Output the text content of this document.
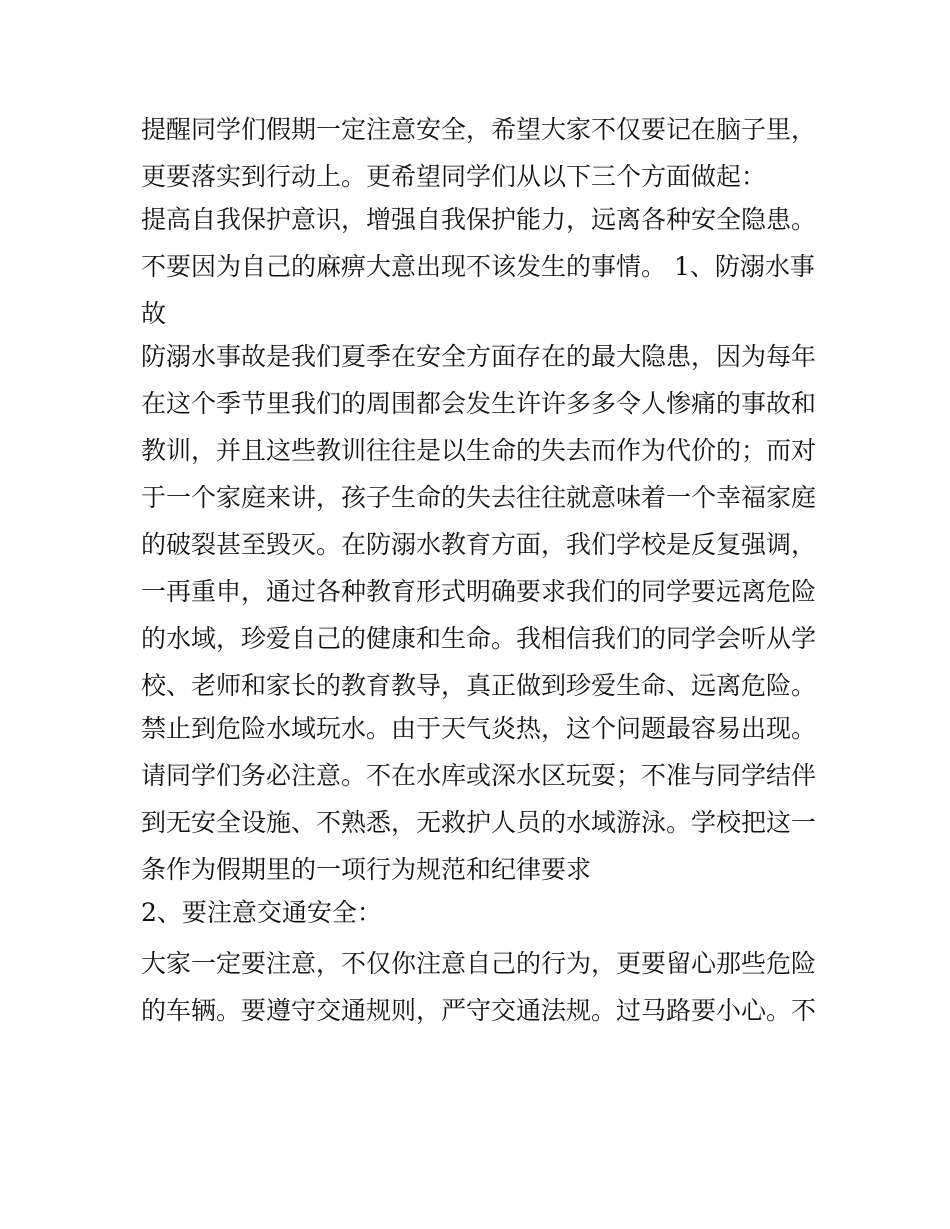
提醒同学们假期一定注意安全，希望大家不仅要记在脑子里，
更要落实到行动上。更希望同学们从以下三个方面做起：
提高自我保护意识，增强自我保护能力，远离各种安全隐患。
不要因为自己的麻痹大意出现不该发生的事情。 1、防溺水事
故
防溺水事故是我们夏季在安全方面存在的最大隐患，因为每年
在这个季节里我们的周围都会发生许许多多令人惨痛的事故和
教训，并且这些教训往往是以生命的失去而作为代价的；而对
于一个家庭来讲，孩子生命的失去往往就意味着一个幸福家庭
的破裂甚至毁灭。在防溺水教育方面，我们学校是反复强调，
一再重申，通过各种教育形式明确要求我们的同学要远离危险
的水域，珍爱自己的健康和生命。我相信我们的同学会听从学
校、老师和家长的教育教导，真正做到珍爱生命、远离危险。
禁止到危险水域玩水。由于天气炎热，这个问题最容易出现。
请同学们务必注意。不在水库或深水区玩耍；不准与同学结伴
到无安全设施、不熟悉，无救护人员的水域游泳。学校把这一
条作为假期里的一项行为规范和纪律要求
2、要注意交通安全：
大家一定要注意，不仅你注意自己的行为，更要留心那些危险
的车辆。要遵守交通规则，严守交通法规。过马路要小心。不
